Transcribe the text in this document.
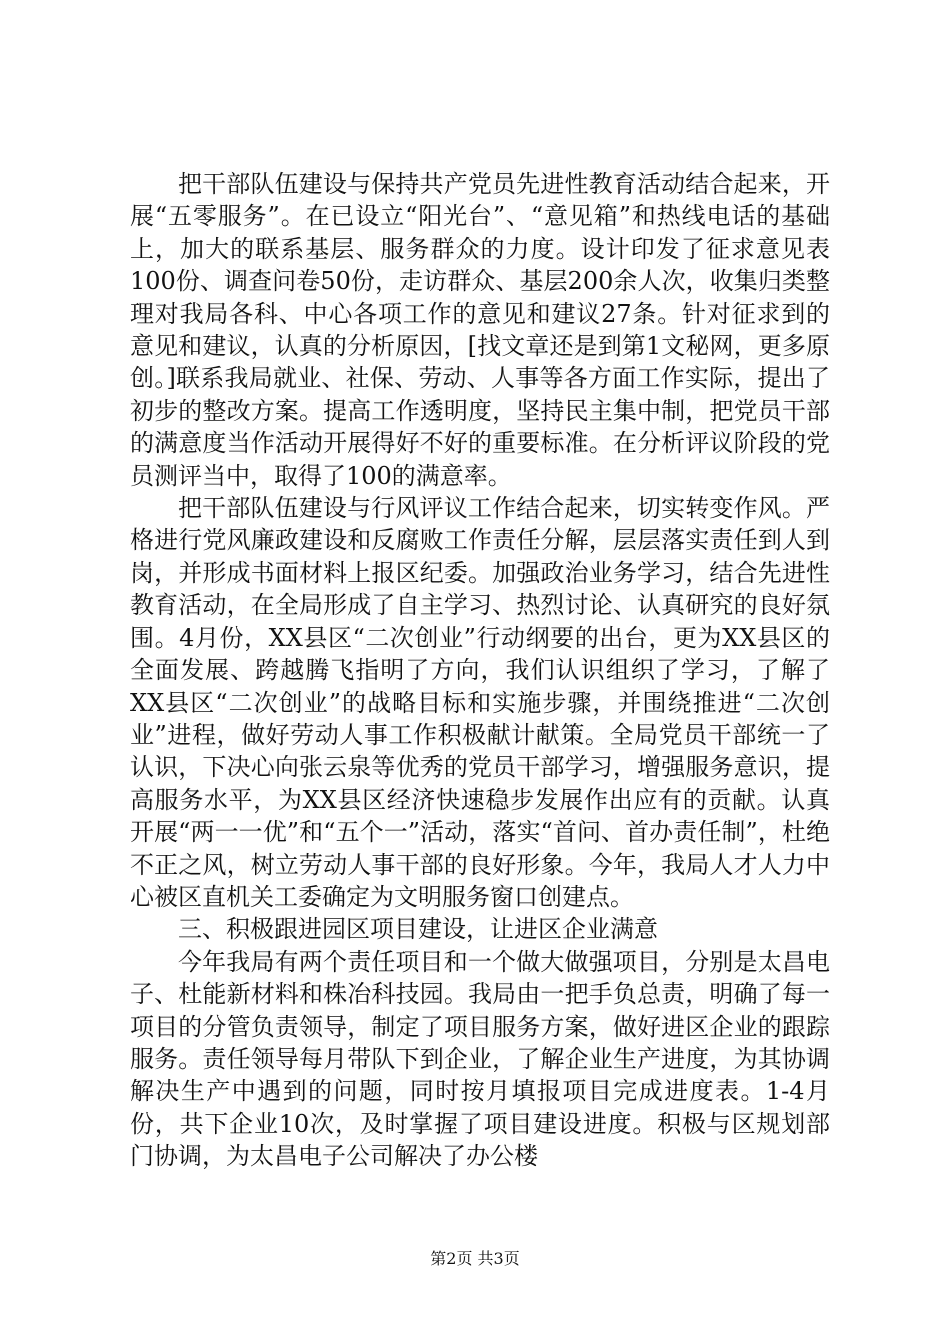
把干部队伍建设与保持共产党员先进性教育活动结合起来，开展“五零服务”。在已设立“阳光台”、“意见箱”和热线电话的基础上，加大的联系基层、服务群众的力度。设计印发了征求意见表100份、调查问卷50份，走访群众、基层200余人次，收集归类整理对我局各科、中心各项工作的意见和建议27条。针对征求到的意见和建议，认真的分析原因，[找文章还是到第1文秘网，更多原创。]联系我局就业、社保、劳动、人事等各方面工作实际，提出了初步的整改方案。提高工作透明度，坚持民主集中制，把党员干部的满意度当作活动开展得好不好的重要标准。在分析评议阶段的党员测评当中，取得了100的满意率。

把干部队伍建设与行风评议工作结合起来，切实转变作风。严格进行党风廉政建设和反腐败工作责任分解，层层落实责任到人到岗，并形成书面材料上报区纪委。加强政治业务学习，结合先进性教育活动，在全局形成了自主学习、热烈讨论、认真研究的良好氛围。4月份，XX县区“二次创业”行动纲要的出台，更为XX县区的全面发展、跨越腾飞指明了方向，我们认识组织了学习，了解了XX县区“二次创业”的战略目标和实施步骤，并围绕推进“二次创业”进程，做好劳动人事工作积极献计献策。全局党员干部统一了认识，下决心向张云泉等优秀的党员干部学习，增强服务意识，提高服务水平，为XX县区经济快速稳步发展作出应有的贡献。认真开展“两一一优”和“五个一”活动，落实“首问、首办责任制”，杜绝不正之风，树立劳动人事干部的良好形象。今年，我局人才人力中心被区直机关工委确定为文明服务窗口创建点。

三、积极跟进园区项目建设，让进区企业满意

今年我局有两个责任项目和一个做大做强项目，分别是太昌电子、杜能新材料和株冶科技园。我局由一把手负总责，明确了每一项目的分管负责领导，制定了项目服务方案，做好进区企业的跟踪服务。责任领导每月带队下到企业，了解企业生产进度，为其协调解决生产中遇到的问题，同时按月填报项目完成进度表。1-4月份，共下企业10次，及时掌握了项目建设进度。积极与区规划部门协调，为太昌电子公司解决了办公楼

第2页 共3页
